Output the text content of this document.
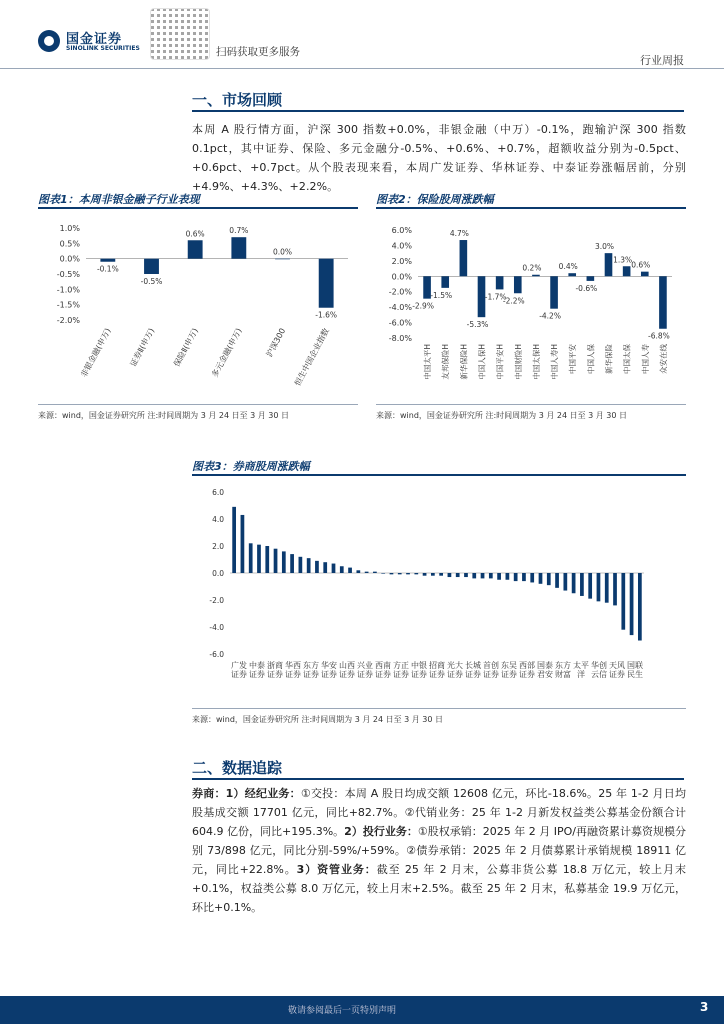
国金证券
SINOLINK SECURITIES	扫码获取更多服务
行业周报
一、市场回顾
本周 A 股行情方面，沪深 300 指数+0.0%，非银金融（中万）-0.1%，跑输沪深 300 指数 0.1pct，其中证券、保险、多元金融分-0.5%、+0.6%、+0.7%，超额收益分别为-0.5pct、+0.6pct、+0.7pct。从个股表现来看，本周广发证券、华林证券、中泰证券涨幅居前，分别+4.9%、+4.3%、+2.2%。
图表1：本周非银金融子行业表现
1.0%
0.5%
0.0%
-0.5%
-1.0%
-1.5%
-2.0%
-0.1%
-0.5%
0.6%	0.7%
0.0%
-1.6%
非银金融(申万) 证券Ⅱ(申万) 保险Ⅱ(申万) 多元金融(申万)	沪深300 恒生中国企业指数
来源：wind，国金证券研究所 注:时间周期为 3 月 24 日至 3 月 30 日
图表2：保险股周涨跌幅
6.0%
4.0%
2.0%
0.0%
-2.0%
-4.0%
-6.0%
-8.0%
-2.9%
-1.5%
4.7%
-5.3%
-1.7%
-2.2%
0.2%
-4.2%
0.4%
-0.6%
3.0%
1.3%
0.6%
-6.8%
中国太平H 友邦保险H 新华保险H 中国人保H 中国平安H 中国财险H 中国太保H 中国人寿H 中国平安 中国人保 新华保险 中国太保 中国人寿 众安在线
来源：wind，国金证券研究所 注:时间周期为 3 月 24 日至 3 月 30 日
图表3：券商股周涨跌幅
6.0
4.0
2.0
0.0
-2.0
-4.0
-6.0
广发证券
中泰证券
浙商证券
华西证券
东方证券
华安证券
山西证券
兴业证券
西南证券
方正证券
中银证券
招商证券
光大证券
长城证券
首创证券
东吴证券
西部证券
国泰君安
东方财富
太平洋
华创云信
天风证券
国联民生
来源：wind，国金证券研究所 注:时间周期为 3 月 24 日至 3 月 30 日
二、数据追踪
券商：1）经纪业务：①交投：本周 A 股日均成交额 12608 亿元，环比-18.6%。25 年 1-2 月日均股基成交额 17701 亿元，同比+82.7%。②代销业务：25 年 1-2 月新发权益类公募基金份额合计 604.9 亿份，同比+195.3%。2）投行业务：①股权承销：2025 年 2 月 IPO/再融资累计募资规模分别 73/898 亿元，同比分别-59%/+59%。②债券承销：2025 年 2 月债募累计承销规模 18911 亿元，同比+22.8%。3）资管业务：截至 25 年 2 月末，公募非货公募 18.8 万亿元，较上月末+0.1%，权益类公募 8.0 万亿元，较上月末+2.5%。截至 25 年 2 月末，私募基金 19.9 万亿元，环比+0.1%。
敬请参阅最后一页特别声明	3
